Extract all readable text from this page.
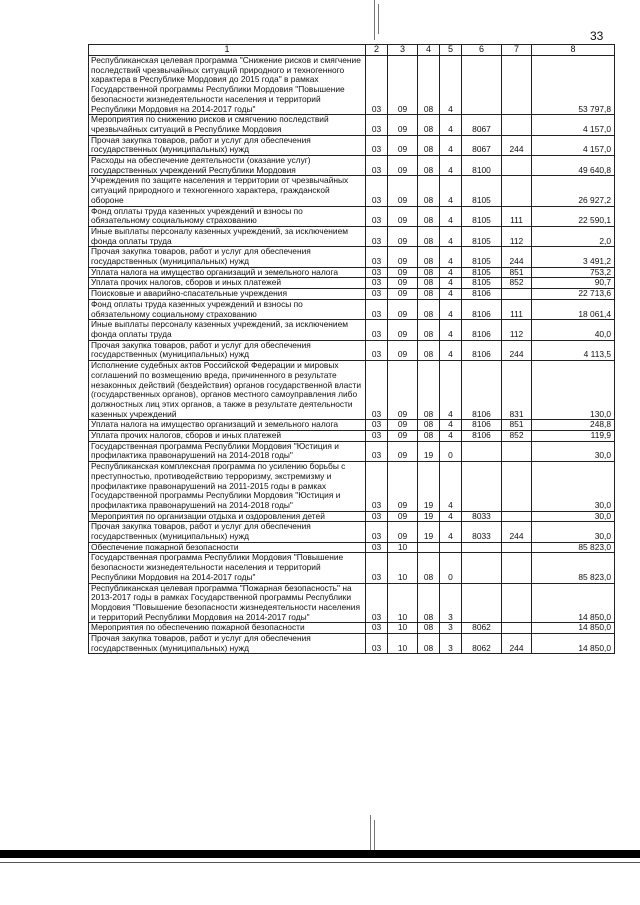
33
1	2	3	4	5	6	7	8
Республиканская целевая программа "Снижение рисков и смягчение последствий чрезвычайных ситуаций природного и техногенного характера в Республике Мордовия до 2015 года" в рамках Государственной программы Республики Мордовия "Повышение безопасности жизнедеятельности населения и территорий Республики Мордовия на 2014-2017 годы"	03	09	08	4			53 797,8
Мероприятия по снижению рисков и смягчению последствий чрезвычайных ситуаций в Республике Мордовия	03	09	08	4	8067		4 157,0
Прочая закупка товаров, работ и услуг для обеспечения государственных (муниципальных) нужд	03	09	08	4	8067	244	4 157,0
Расходы на обеспечение деятельности (оказание услуг) государственных учреждений Республики Мордовия	03	09	08	4	8100		49 640,8
Учреждения по защите населения и территории от чрезвычайных ситуаций природного и техногенного характера, гражданской обороне	03	09	08	4	8105		26 927,2
Фонд оплаты труда казенных учреждений и взносы по обязательному социальному страхованию	03	09	08	4	8105	111	22 590,1
Иные выплаты персоналу казенных учреждений, за исключением фонда оплаты труда	03	09	08	4	8105	112	2,0
Прочая закупка товаров, работ и услуг для обеспечения государственных (муниципальных) нужд	03	09	08	4	8105	244	3 491,2
Уплата налога на имущество организаций и земельного налога	03	09	08	4	8105	851	753,2
Уплата прочих налогов, сборов и иных платежей	03	09	08	4	8105	852	90,7
Поисковые и аварийно-спасательные учреждения	03	09	08	4	8106		22 713,6
Фонд оплаты труда казенных учреждений и взносы по обязательному социальному страхованию	03	09	08	4	8106	111	18 061,4
Иные выплаты персоналу казенных учреждений, за исключением фонда оплаты труда	03	09	08	4	8106	112	40,0
Прочая закупка товаров, работ и услуг для обеспечения государственных (муниципальных) нужд	03	09	08	4	8106	244	4 113,5
Исполнение судебных актов Российской Федерации и мировых соглашений по возмещению вреда, причиненного в результате незаконных действий (бездействия) органов государственной власти (государственных органов), органов местного самоуправления либо должностных лиц этих органов, а также в результате деятельности казенных учреждений	03	09	08	4	8106	831	130,0
Уплата налога на имущество организаций и земельного налога	03	09	08	4	8106	851	248,8
Уплата прочих налогов, сборов и иных платежей	03	09	08	4	8106	852	119,9
Государственная программа Республики Мордовия "Юстиция и профилактика правонарушений на 2014-2018 годы"	03	09	19	0			30,0
Республиканская комплексная программа по усилению борьбы с преступностью, противодействию терроризму, экстремизму и профилактике правонарушений на 2011-2015 годы в рамках Государственной программы Республики Мордовия "Юстиция и профилактика правонарушений на 2014-2018 годы"	03	09	19	4			30,0
Мероприятия по организации отдыха и оздоровления детей	03	09	19	4	8033		30,0
Прочая закупка товаров, работ и услуг для обеспечения государственных (муниципальных) нужд	03	09	19	4	8033	244	30,0
Обеспечение пожарной безопасности	03	10					85 823,0
Государственная программа Республики Мордовия "Повышение безопасности жизнедеятельности населения и территорий Республики Мордовия на 2014-2017 годы"	03	10	08	0			85 823,0
Республиканская целевая программа "Пожарная безопасность" на 2013-2017 годы в рамках Государственной программы Республики Мордовия "Повышение безопасности жизнедеятельности населения и территорий Республики Мордовия на 2014-2017 годы"	03	10	08	3			14 850,0
Мероприятия по обеспечению пожарной безопасности	03	10	08	3	8062		14 850,0
Прочая закупка товаров, работ и услуг для обеспечения государственных (муниципальных) нужд	03	10	08	3	8062	244	14 850,0
